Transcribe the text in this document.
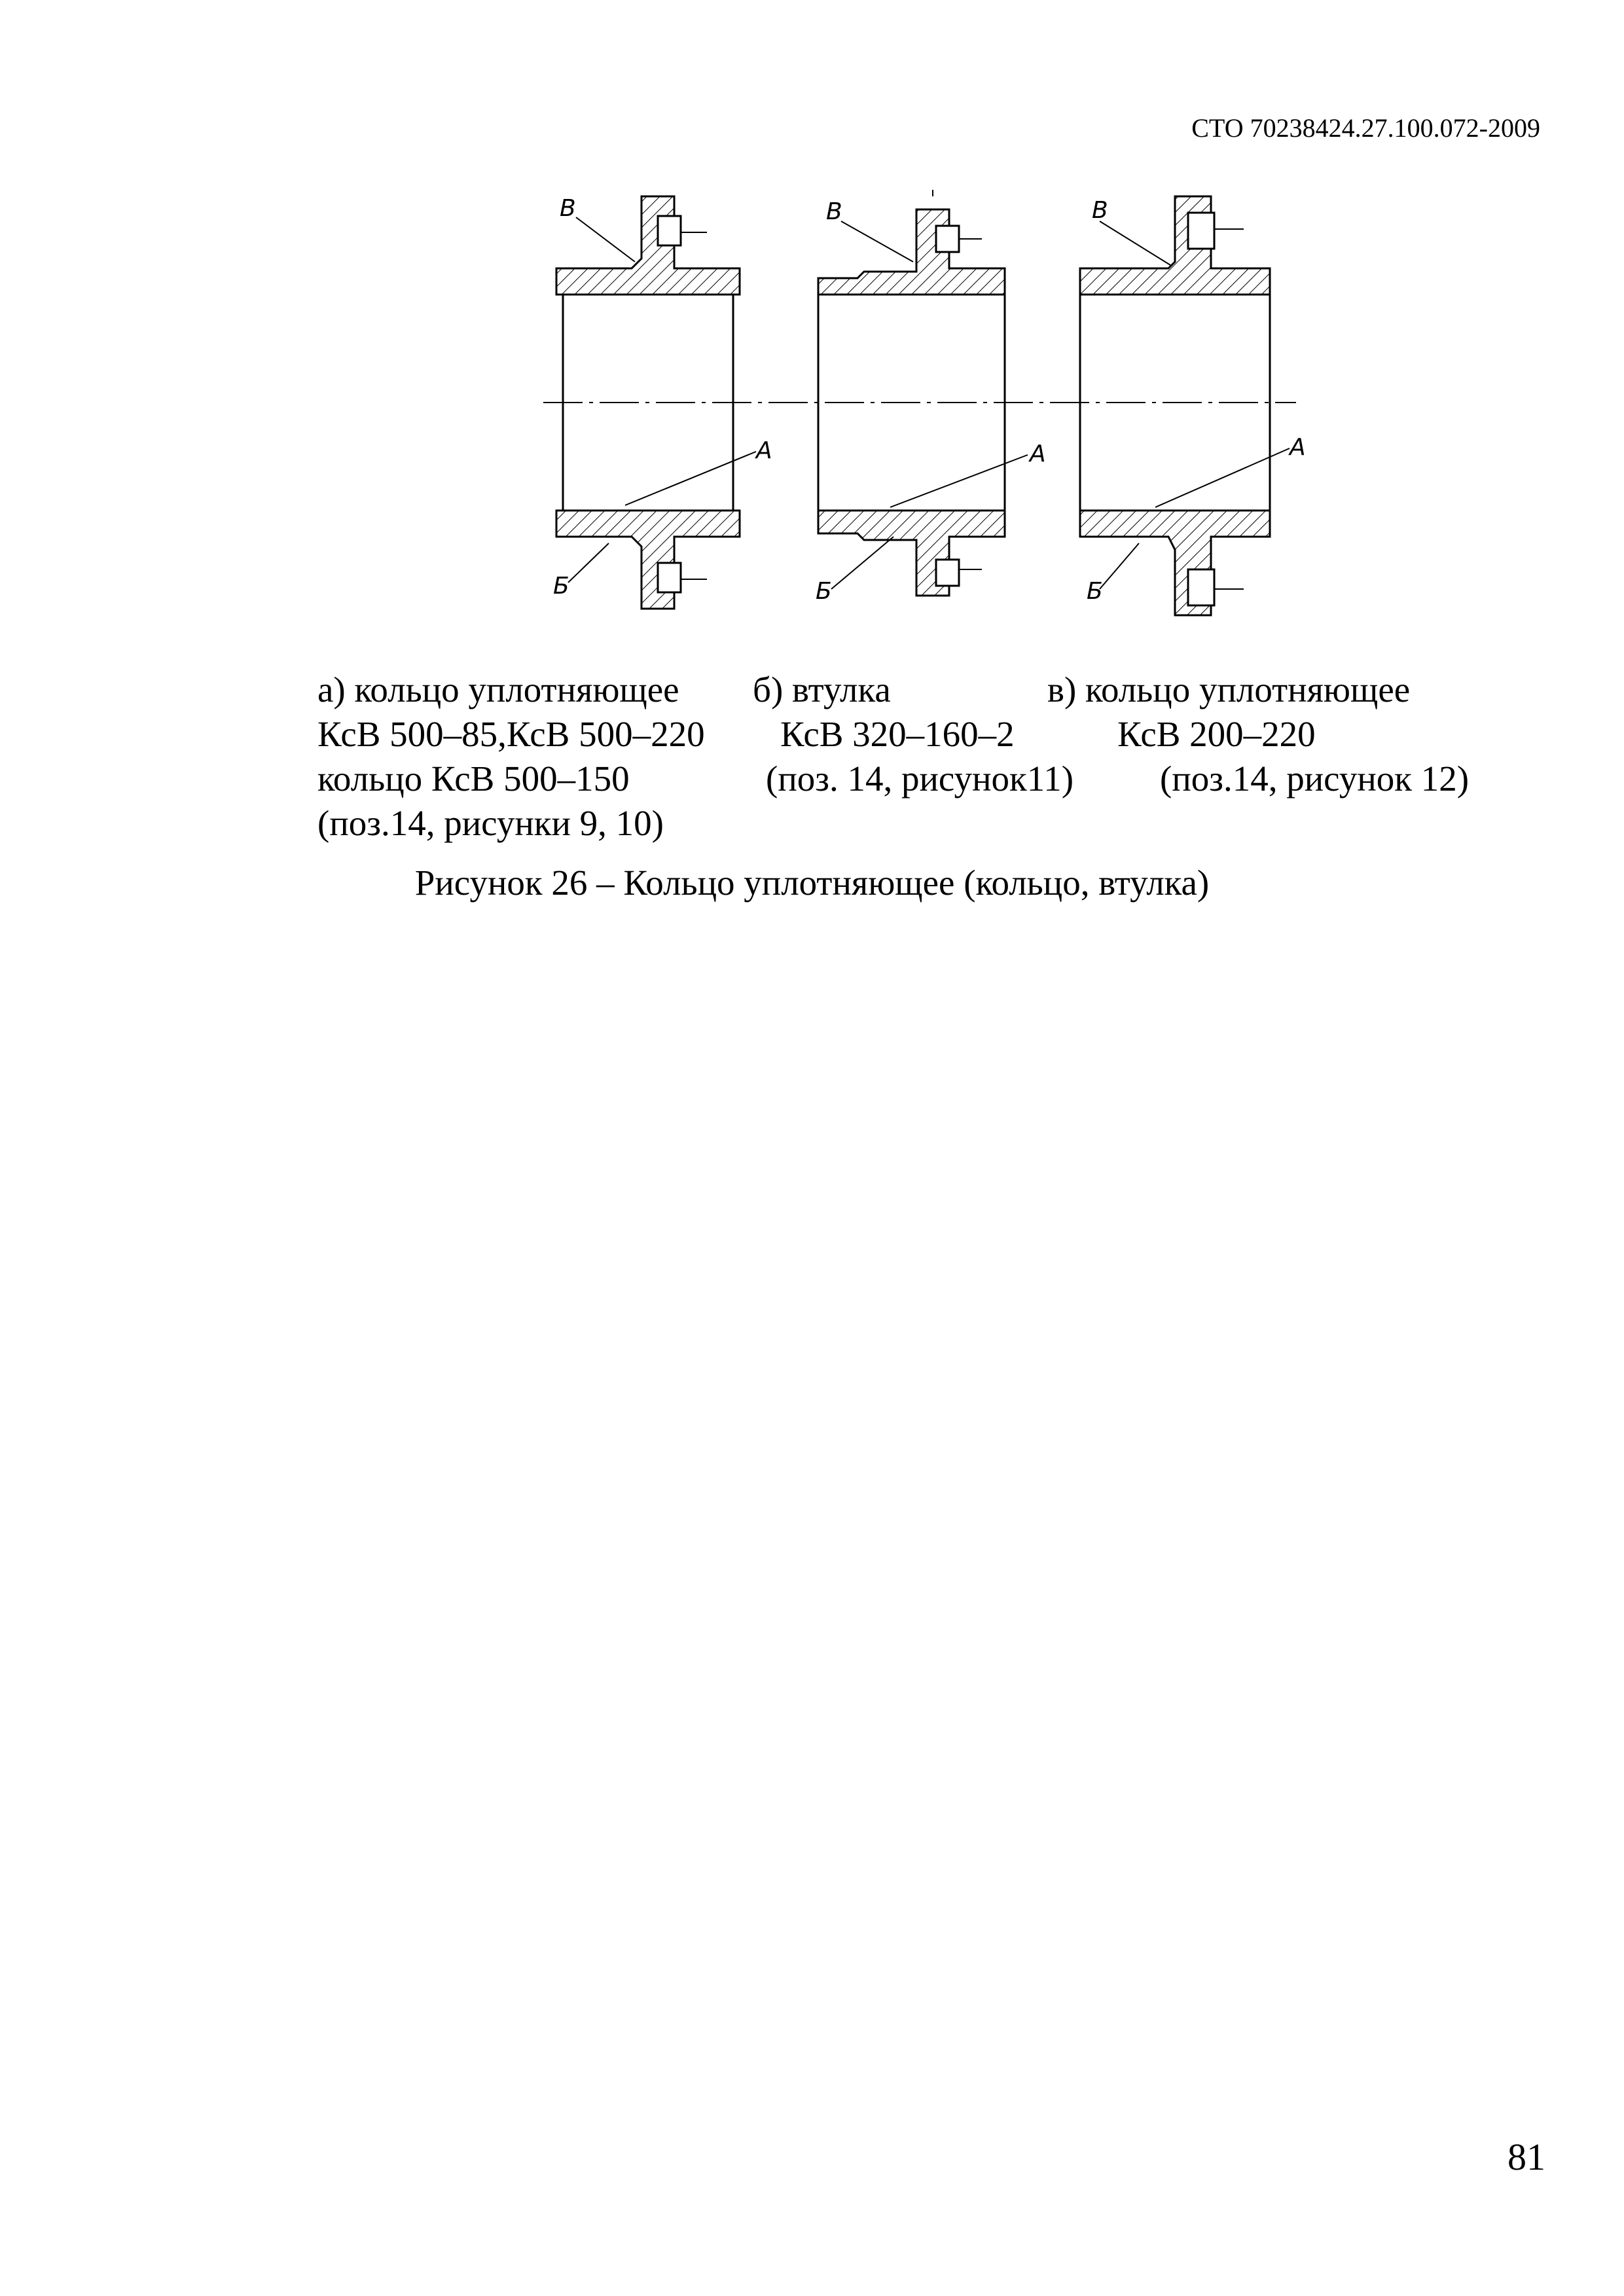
СТО 70238424.27.100.072-2009
В
А
Б
В
А
Б
В
А
Б
а) кольцо уплотняющее
КсВ 500–85,КсВ 500–220
кольцо КсВ 500–150
(поз.14, рисунки 9, 10)
б) втулка
КсВ 320–160–2
(поз. 14, рисунок11)
в) кольцо уплотняющее
КсВ 200–220
(поз.14, рисунок 12)
Рисунок 26 – Кольцо уплотняющее (кольцо, втулка)
81
